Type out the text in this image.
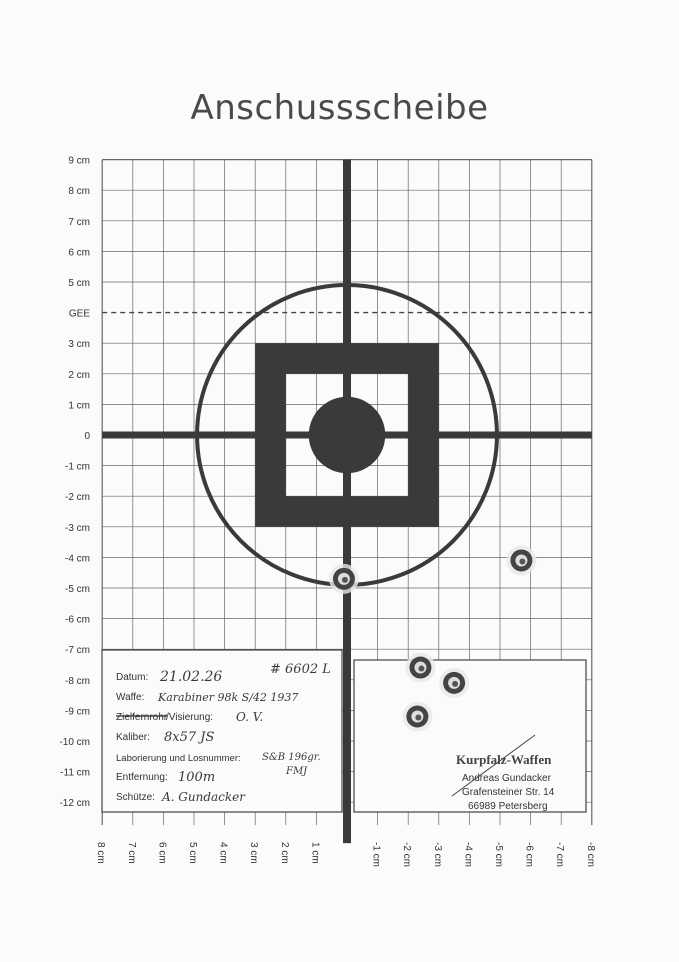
Anschussscheibe
9 cm
8 cm
7 cm
6 cm
5 cm
GEE
3 cm
2 cm
1 cm
0
-1 cm
-2 cm
-3 cm
-4 cm
-5 cm
-6 cm
-7 cm
-8 cm
-9 cm
-10 cm
-11 cm
-12 cm
8 cm 7 cm 6 cm 5 cm 4 cm 3 cm 2 cm 1 cm	-1 cm -2 cm -3 cm -4 cm -5 cm -6 cm -7 cm -8 cm
Datum: 21.02.26	# 6602 L
Waffe: Karabiner 98k S/42 1937
Zielfernrohr
/Visierung: O. V.
Kaliber: 8x57 JS
Laborierung und Losnummer: S&B 196gr.
FMJ
Entfernung: 100m
Schütze: A. Gundacker
Kurpfalz-Waffen
Andreas Gundacker
Grafensteiner Str. 14
66989 Petersberg
